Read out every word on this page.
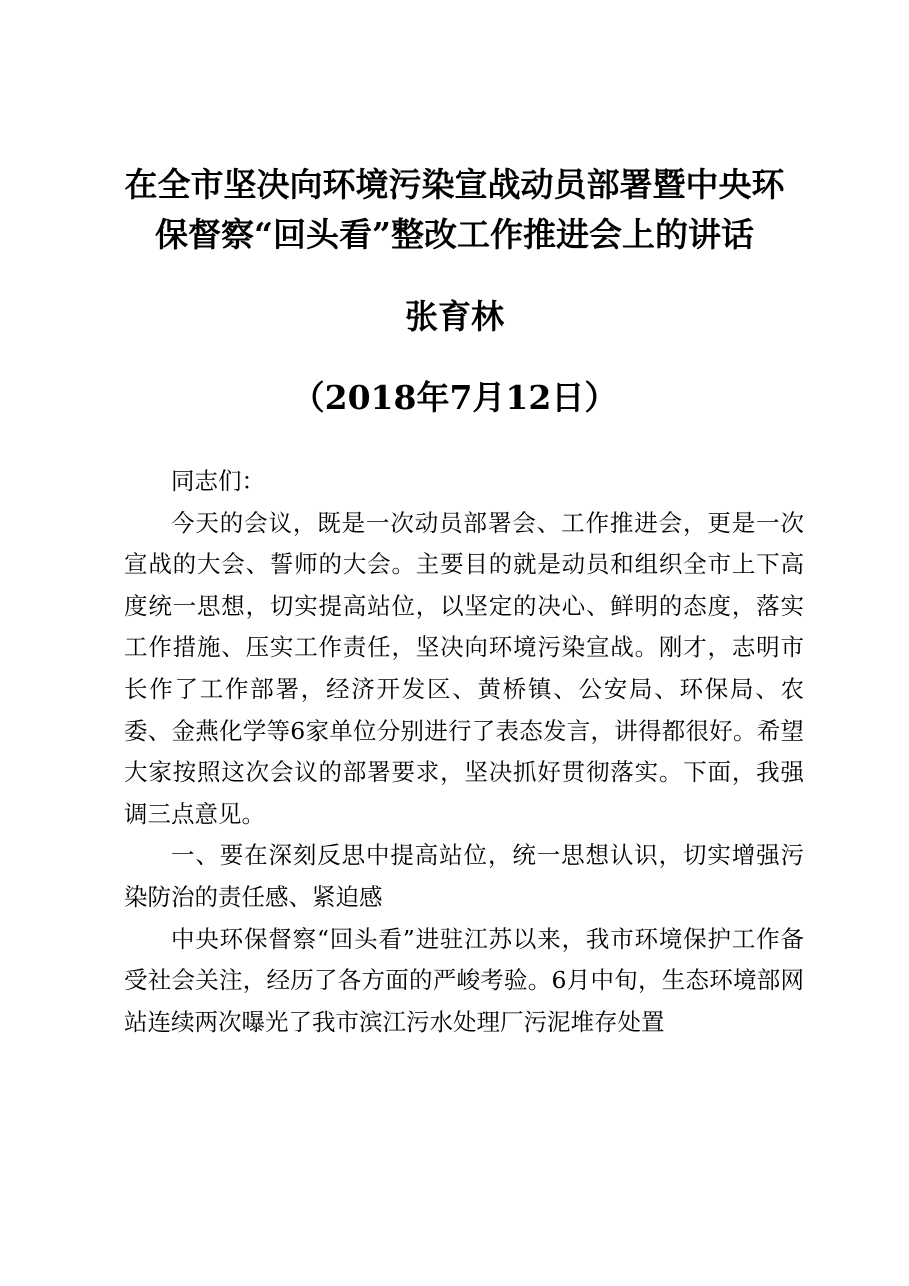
在全市坚决向环境污染宣战动员部署暨中央环
保督察“回头看”整改工作推进会上的讲话
张育林
（2018年7月12日）

同志们：

今天的会议，既是一次动员部署会、工作推进会，更是一次宣战的大会、誓师的大会。主要目的就是动员和组织全市上下高度统一思想，切实提高站位，以坚定的决心、鲜明的态度，落实工作措施、压实工作责任，坚决向环境污染宣战。刚才，志明市长作了工作部署，经济开发区、黄桥镇、公安局、环保局、农委、金燕化学等6家单位分别进行了表态发言，讲得都很好。希望大家按照这次会议的部署要求，坚决抓好贯彻落实。下面，我强调三点意见。

一、要在深刻反思中提高站位，统一思想认识，切实增强污染防治的责任感、紧迫感

中央环保督察“回头看”进驻江苏以来，我市环境保护工作备受社会关注，经历了各方面的严峻考验。6月中旬，生态环境部网站连续两次曝光了我市滨江污水处理厂污泥堆存处置
